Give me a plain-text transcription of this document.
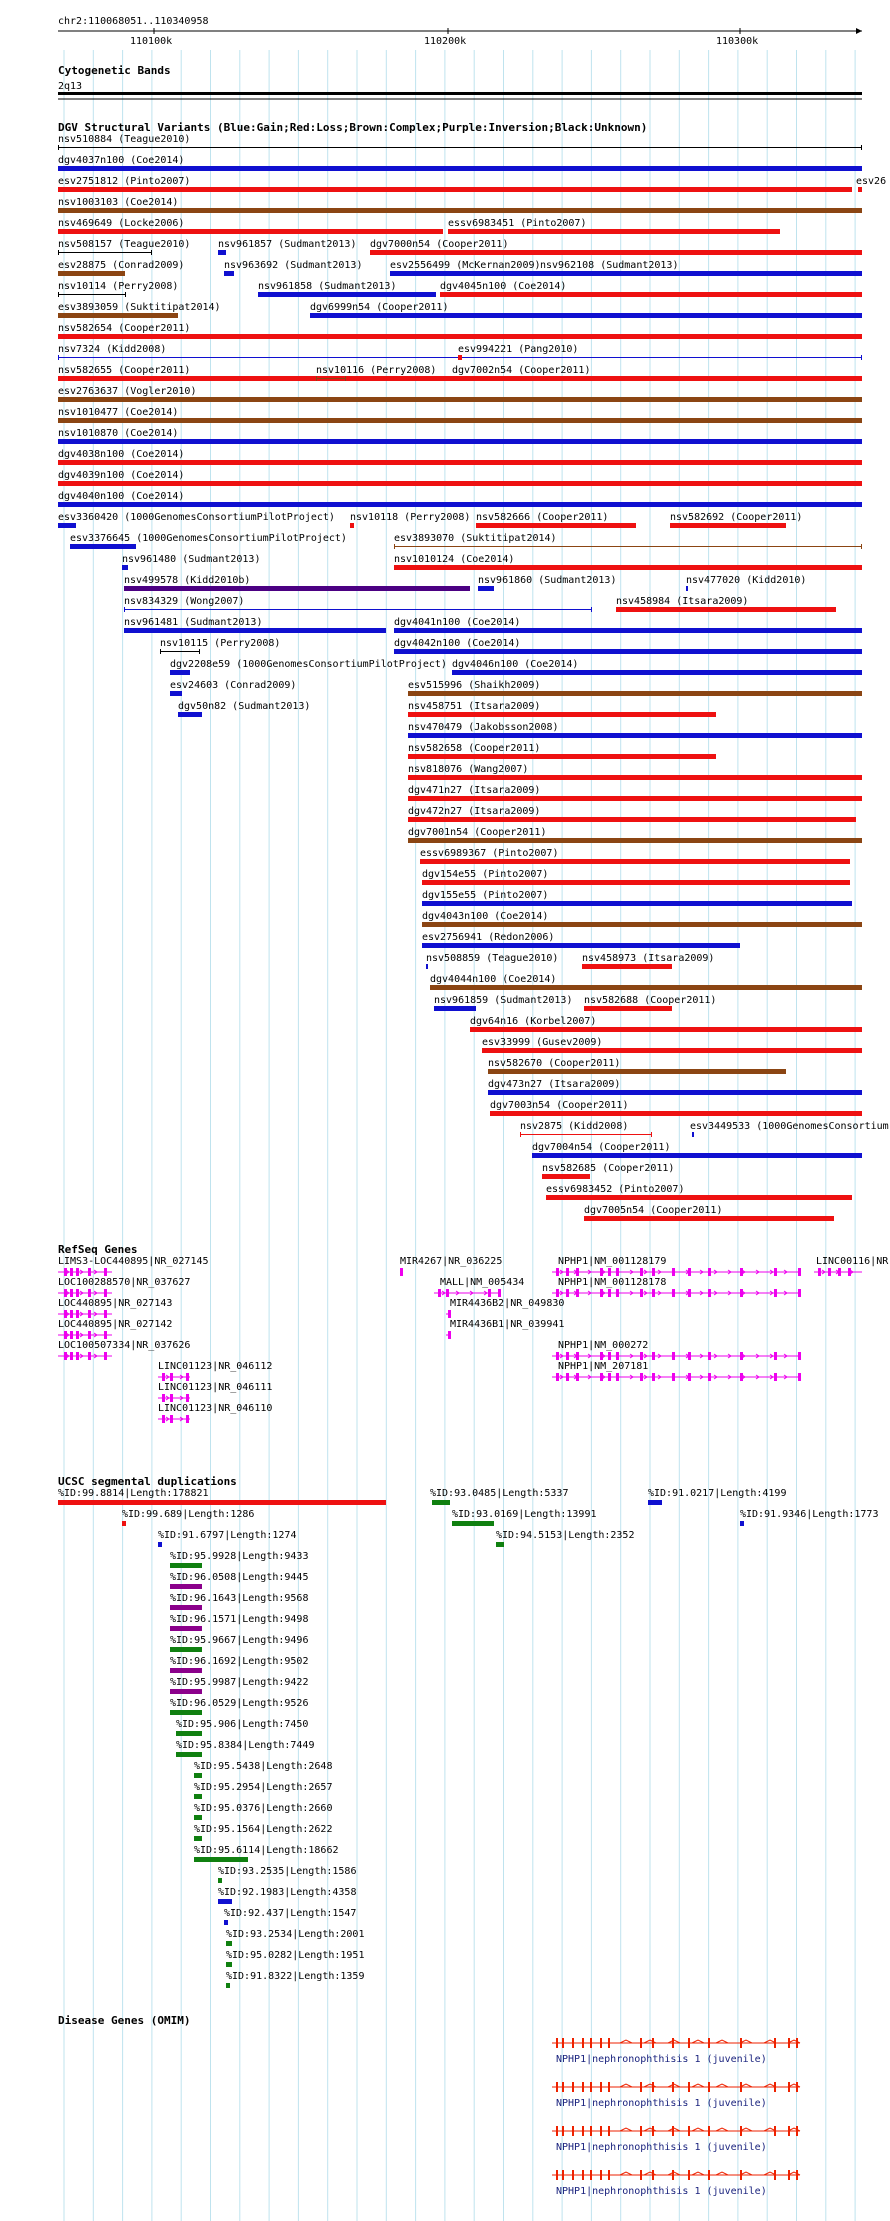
chr2:110068051..110340958
110100k	110200k	110300k
Cytogenetic Bands
2q13
DGV Structural Variants (Blue:Gain;Red:Loss;Brown:Complex;Purple:Inversion;Black:Unknown)
nsv510884 (Teague2010)
dgv4037n100 (Coe2014)
esv2751812 (Pinto2007)	esv26
nsv1003103 (Coe2014)
nsv469649 (Locke2006)	essv6983451 (Pinto2007)
nsv508157 (Teague2010)	nsv961857 (Sudmant2013) dgv7000n54 (Cooper2011)
esv28875 (Conrad2009)	nsv963692 (Sudmant2013)	esv2556499 (McKernan2009) nsv962108 (Sudmant2013)
nsv10114 (Perry2008)	nsv961858 (Sudmant2013)	dgv4045n100 (Coe2014)
esv3893059 (Suktitipat2014)	dgv6999n54 (Cooper2011)
nsv582654 (Cooper2011)
nsv7324 (Kidd2008)	esv994221 (Pang2010)
nsv582655 (Cooper2011)	nsv10116 (Perry2008) dgv7002n54 (Cooper2011)
esv2763637 (Vogler2010)
nsv1010477 (Coe2014)
nsv1010870 (Coe2014)
dgv4038n100 (Coe2014)
dgv4039n100 (Coe2014)
dgv4040n100 (Coe2014)
esv3360420 (1000GenomesConsortiumPilotProject) nsv10118 (Perry2008) nsv582666 (Cooper2011)	nsv582692 (Cooper2011)
esv3376645 (1000GenomesConsortiumPilotProject)	esv3893070 (Suktitipat2014)
nsv961480 (Sudmant2013)	nsv1010124 (Coe2014)
nsv499578 (Kidd2010b)	nsv961860 (Sudmant2013)	nsv477020 (Kidd2010)
nsv834329 (Wong2007)	nsv458984 (Itsara2009)
nsv961481 (Sudmant2013)	dgv4041n100 (Coe2014)
nsv10115 (Perry2008)	dgv4042n100 (Coe2014)
dgv2208e59 (1000GenomesConsortiumPilotProject) dgv4046n100 (Coe2014)
esv24603 (Conrad2009)	esv515996 (Shaikh2009)
dgv50n82 (Sudmant2013)	nsv458751 (Itsara2009)
nsv470479 (Jakobsson2008)
nsv582658 (Cooper2011)
nsv818076 (Wang2007)
dgv471n27 (Itsara2009)
dgv472n27 (Itsara2009)
dgv7001n54 (Cooper2011)
essv6989367 (Pinto2007)
dgv154e55 (Pinto2007)
dgv155e55 (Pinto2007)
dgv4043n100 (Coe2014)
esv2756941 (Redon2006)
nsv508859 (Teague2010) nsv458973 (Itsara2009)
dgv4044n100 (Coe2014)
nsv961859 (Sudmant2013) nsv582688 (Cooper2011)
dgv64n16 (Korbel2007)
esv33999 (Gusev2009)
nsv582670 (Cooper2011)
dgv473n27 (Itsara2009)
dgv7003n54 (Cooper2011)
nsv2875 (Kidd2008)	esv3449533 (1000GenomesConsortium
dgv7004n54 (Cooper2011)
nsv582685 (Cooper2011)
essv6983452 (Pinto2007)
dgv7005n54 (Cooper2011)
RefSeq Genes
LIMS3-LOC440895|NR_027145	MIR4267|NR_036225	NPHP1|NM_001128179	LINC00116|NR
LOC100288570|NR_037627	MALL|NM_005434	NPHP1|NM_001128178
LOC440895|NR_027143	MIR4436B2|NR_049830
LOC440895|NR_027142	MIR4436B1|NR_039941
LOC100507334|NR_037626	NPHP1|NM_000272
LINC01123|NR_046112	NPHP1|NM_207181
LINC01123|NR_046111
LINC01123|NR_046110
UCSC segmental duplications
%ID:99.8814|Length:178821	%ID:93.0485|Length:5337	%ID:91.0217|Length:4199
%ID:99.689|Length:1286	%ID:93.0169|Length:13991	%ID:91.9346|Length:1773
%ID:91.6797|Length:1274	%ID:94.5153|Length:2352
%ID:95.9928|Length:9433
%ID:96.0508|Length:9445
%ID:96.1643|Length:9568
%ID:96.1571|Length:9498
%ID:95.9667|Length:9496
%ID:96.1692|Length:9502
%ID:95.9987|Length:9422
%ID:96.0529|Length:9526
%ID:95.906|Length:7450
%ID:95.8384|Length:7449
%ID:95.5438|Length:2648
%ID:95.2954|Length:2657
%ID:95.0376|Length:2660
%ID:95.1564|Length:2622
%ID:95.6114|Length:18662
%ID:93.2535|Length:1586
%ID:92.1983|Length:4358
%ID:92.437|Length:1547
%ID:93.2534|Length:2001
%ID:95.0282|Length:1951
%ID:91.8322|Length:1359
Disease Genes (OMIM)
NPHP1|nephronophthisis 1 (juvenile)
NPHP1|nephronophthisis 1 (juvenile)
NPHP1|nephronophthisis 1 (juvenile)
NPHP1|nephronophthisis 1 (juvenile)
